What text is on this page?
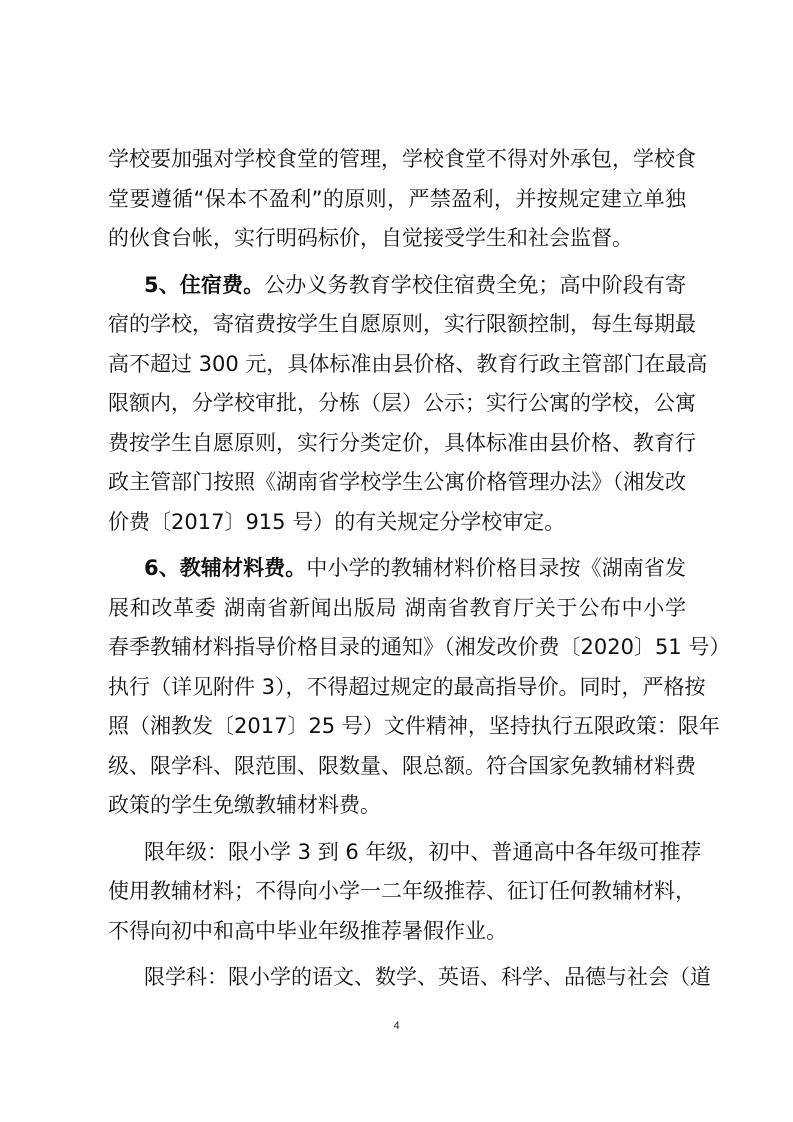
学校要加强对学校食堂的管理，学校食堂不得对外承包，学校食
堂要遵循“保本不盈利”的原则，严禁盈利，并按规定建立单独
的伙食台帐，实行明码标价，自觉接受学生和社会监督。
5、住宿费。公办义务教育学校住宿费全免；高中阶段有寄
宿的学校，寄宿费按学生自愿原则，实行限额控制，每生每期最
高不超过 300 元，具体标准由县价格、教育行政主管部门在最高
限额内，分学校审批，分栋（层）公示；实行公寓的学校，公寓
费按学生自愿原则，实行分类定价，具体标准由县价格、教育行
政主管部门按照《湖南省学校学生公寓价格管理办法》（湘发改
价费〔2017〕915 号）的有关规定分学校审定。
6、教辅材料费。中小学的教辅材料价格目录按《湖南省发
展和改革委 湖南省新闻出版局 湖南省教育厅关于公布中小学
春季教辅材料指导价格目录的通知》（湘发改价费〔2020〕51 号）
执行（详见附件 3），不得超过规定的最高指导价。同时，严格按
照（湘教发〔2017〕25 号）文件精神，坚持执行五限政策：限年
级、限学科、限范围、限数量、限总额。符合国家免教辅材料费
政策的学生免缴教辅材料费。
限年级：限小学 3 到 6 年级，初中、普通高中各年级可推荐
使用教辅材料；不得向小学一二年级推荐、征订任何教辅材料，
不得向初中和高中毕业年级推荐暑假作业。
限学科：限小学的语文、数学、英语、科学、品德与社会（道
4
